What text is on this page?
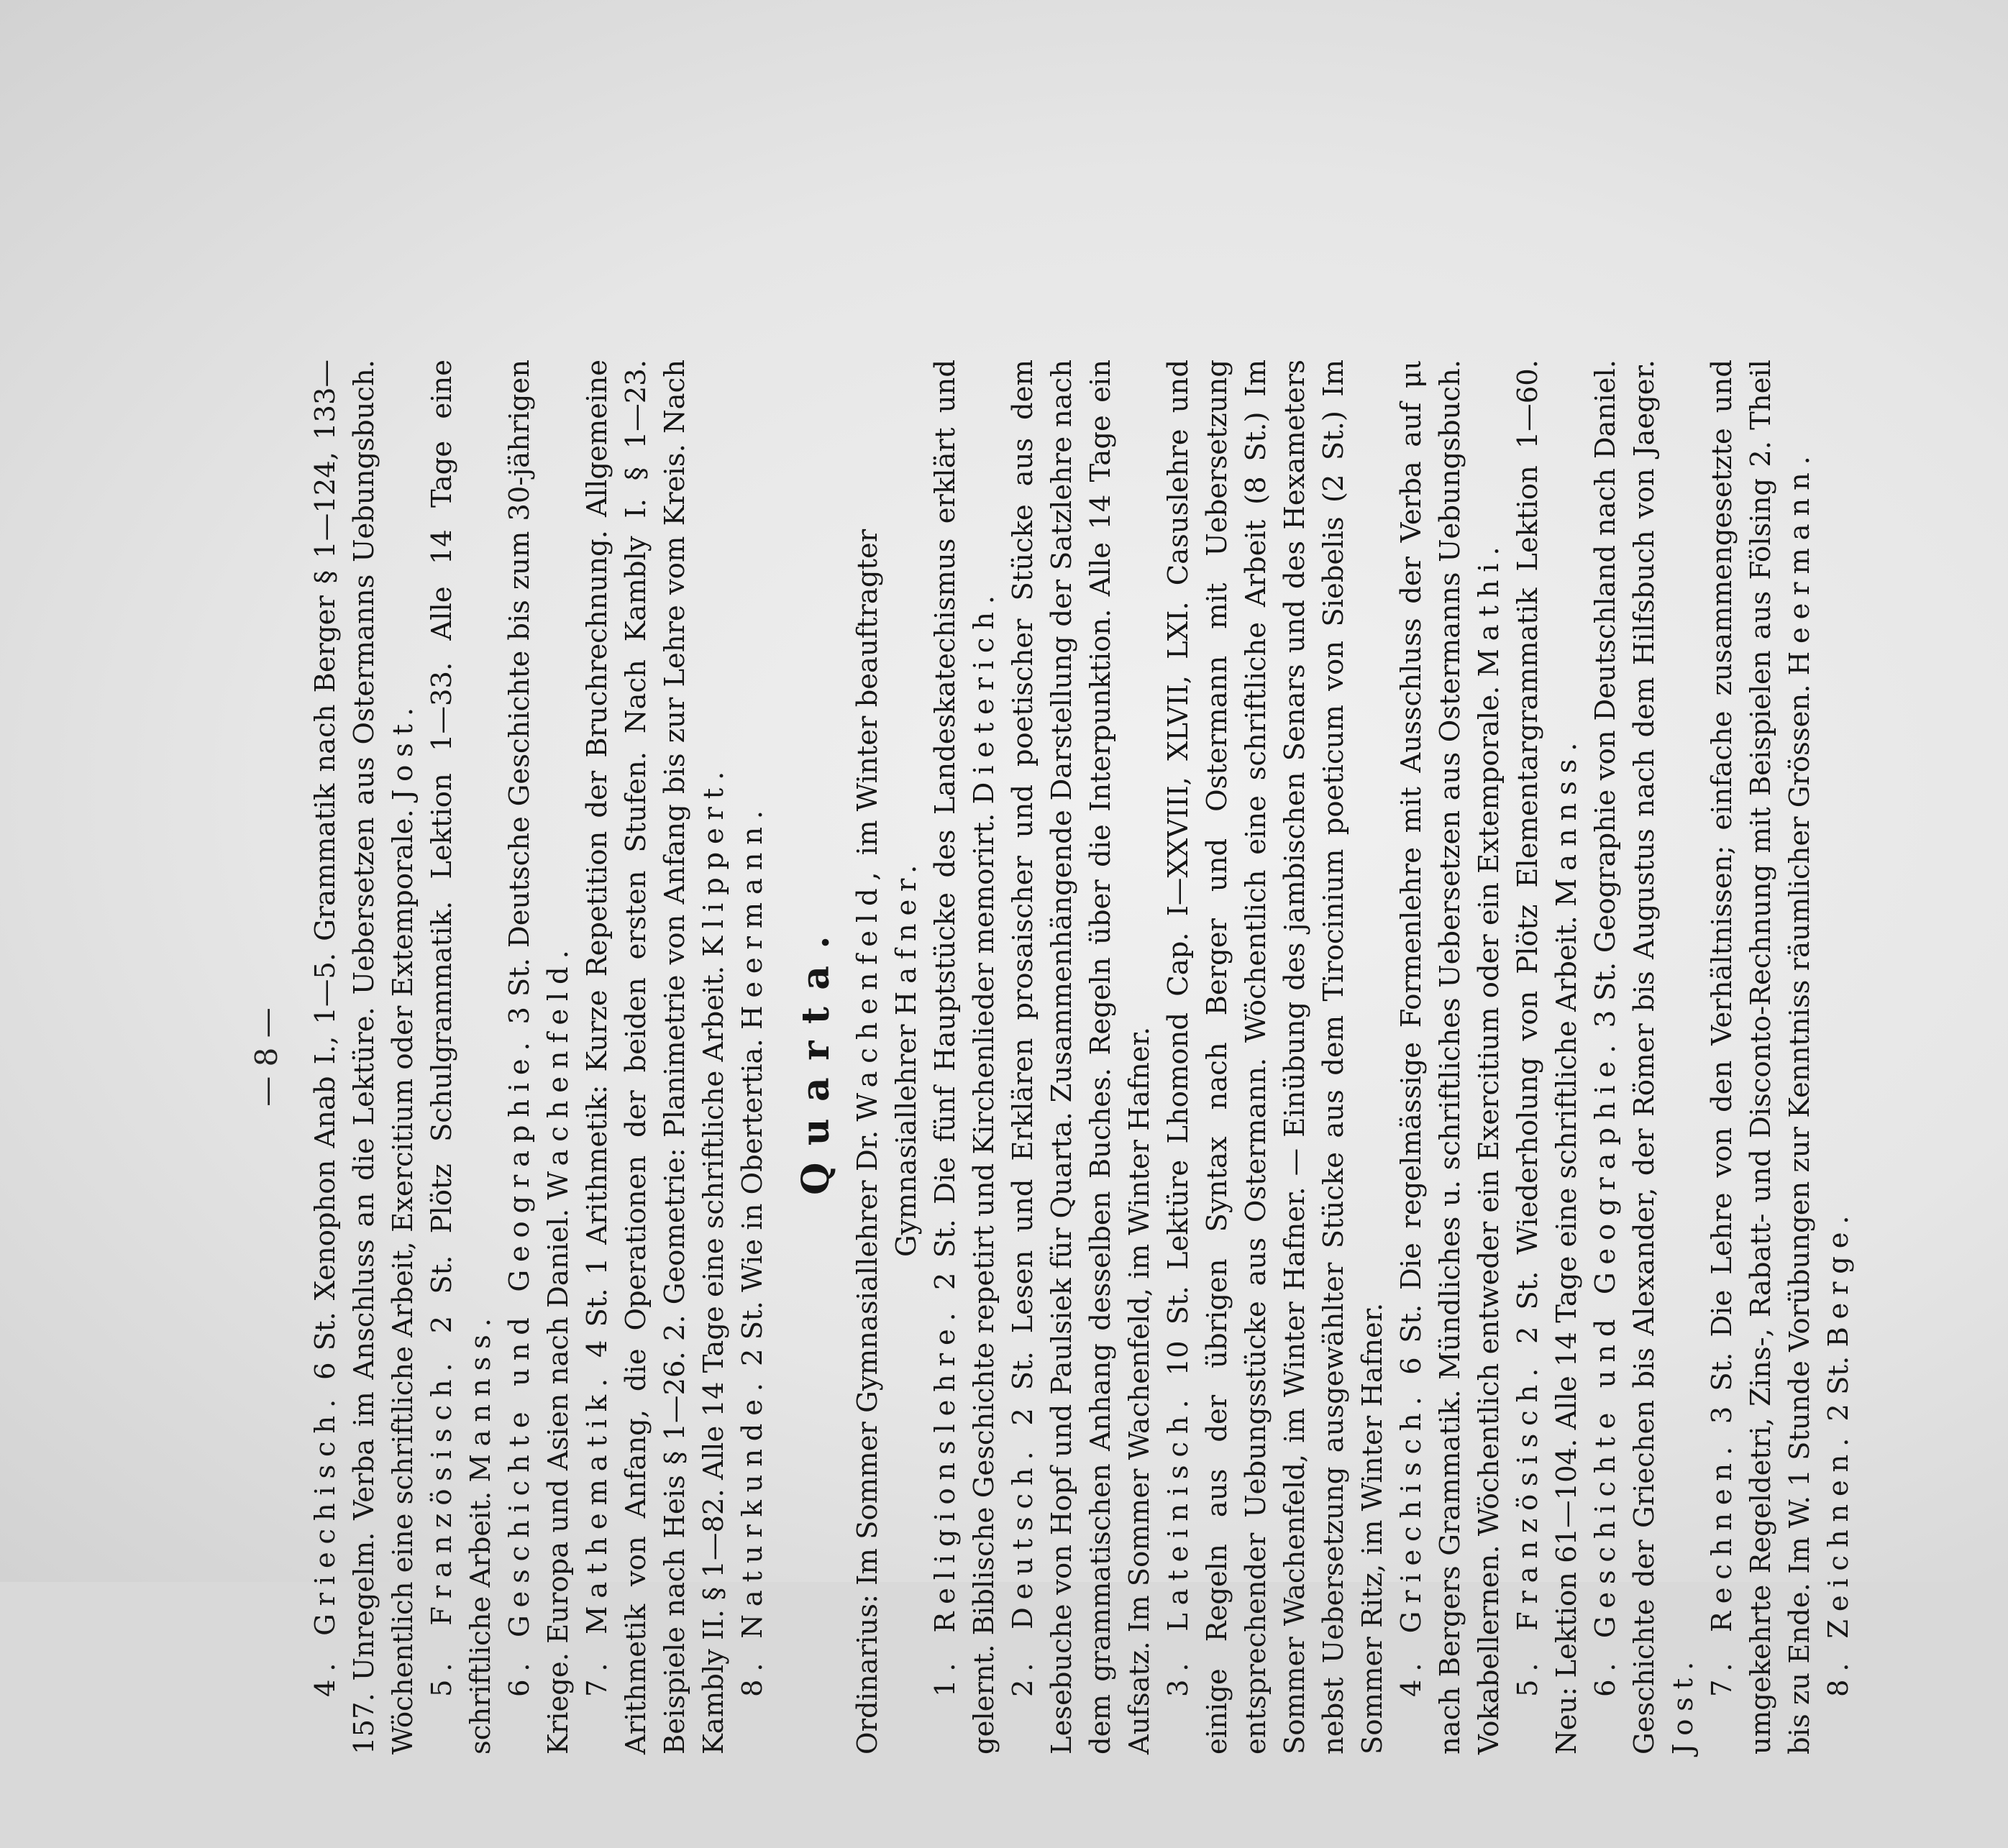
— 8 —

4. Griechisch. 6 St. Xenophon Anab I., 1—5. Grammatik nach Berger § 1—124, 133—157. Unregelm. Verba im Anschluss an die Lektüre. Uebersetzen aus Ostermanns Uebungsbuch. Wöchentlich eine schriftliche Arbeit, Exercitium oder Extemporale. Jost.

5. Französisch. 2 St. Plötz Schulgrammatik. Lektion 1—33. Alle 14 Tage eine schriftliche Arbeit. Mannss. 6. Geschichte und Geographie. 3 St. Deutsche Geschichte bis zum 30-jährigen Kriege. Europa und Asien nach Daniel. Wachenfeld.

7. Mathematik. 4 St. 1 Arithmetik: Kurze Repetition der Bruchrechnung. Allgemeine Arithmetik von Anfang, die Operationen der beiden ersten Stufen. Nach Kambly I. § 1—23. Beispiele nach Heis § 1—26. 2. Geometrie: Planimetrie von Anfang bis zur Lehre vom Kreis. Nach Kambly II. § 1—82. Alle 14 Tage eine schriftliche Arbeit. Klippert.

8. Naturkunde. 2 St. Wie in Obertertia. Heermann.

Quarta.

Ordinarius: Im Sommer Gymnasiallehrer Dr. Wachenfeld, im Winter beauftragter

Gymnasiallehrer Hafner.

1. Religionslehre. 2 St. Die fünf Hauptstücke des Landeskatechismus erklärt und gelernt. Biblische Geschichte repetirt und Kirchenlieder memorirt. Dieterich.

2. Deutsch. 2 St. Lesen und Erklären prosaischer und poetischer Stücke aus dem Lesebuche von Hopf und Paulsiek für Quarta. Zusammenhängende Darstellung der Satzlehre nach dem grammatischen Anhang desselben Buches. Regeln über die Interpunktion. Alle 14 Tage ein Aufsatz. Im Sommer Wachenfeld, im Winter Hafner. 3. Lateinisch. 10 St. Lektüre Lhomond Cap. I—XXVIII, XLVII, LXI. Casuslehre und einige Regeln aus der übrigen Syntax nach Berger und Ostermann mit Uebersetzung entsprechender Uebungsstücke aus Ostermann. Wöchentlich eine schriftliche Arbeit (8 St.) Im Sommer Wachenfeld, im Winter Hafner. — Einübung des jambischen Senars und des Hexameters nebst Uebersetzung ausgewählter Stücke aus dem Tirocinium poeticum von Siebelis (2 St.) Im Sommer Ritz, im Winter Hafner. 4. Griechisch. 6 St. Die regelmässige Formenlehre mit Ausschluss der Verba auf μι nach Bergers Grammatik. Mündliches u. schriftliches Uebersetzen aus Ostermanns Uebungsbuch. Vokabellernen. Wöchentlich entweder ein Exercitium oder ein Extemporale. Mathi.

5. Französisch. 2 St. Wiederholung von Plötz Elementargrammatik Lektion 1—60. Neu: Lektion 61—104. Alle 14 Tage eine schriftliche Arbeit. Mannss.

6. Geschichte und Geographie. 3 St. Geographie von Deutschland nach Daniel. Geschichte der Griechen bis Alexander, der Römer bis Augustus nach dem Hilfsbuch von Jaeger. Jost.

7. Rechnen. 3 St. Die Lehre von den Verhältnissen; einfache zusammengesetzte und umgekehrte Regeldetri, Zins-, Rabatt- und Disconto-Rechnung mit Beispielen aus Fölsing 2. Theil bis zu Ende. Im W. 1 Stunde Vorübungen zur Kenntniss räumlicher Grössen. Heermann.

8. Zeichnen. 2 St. Berge.
